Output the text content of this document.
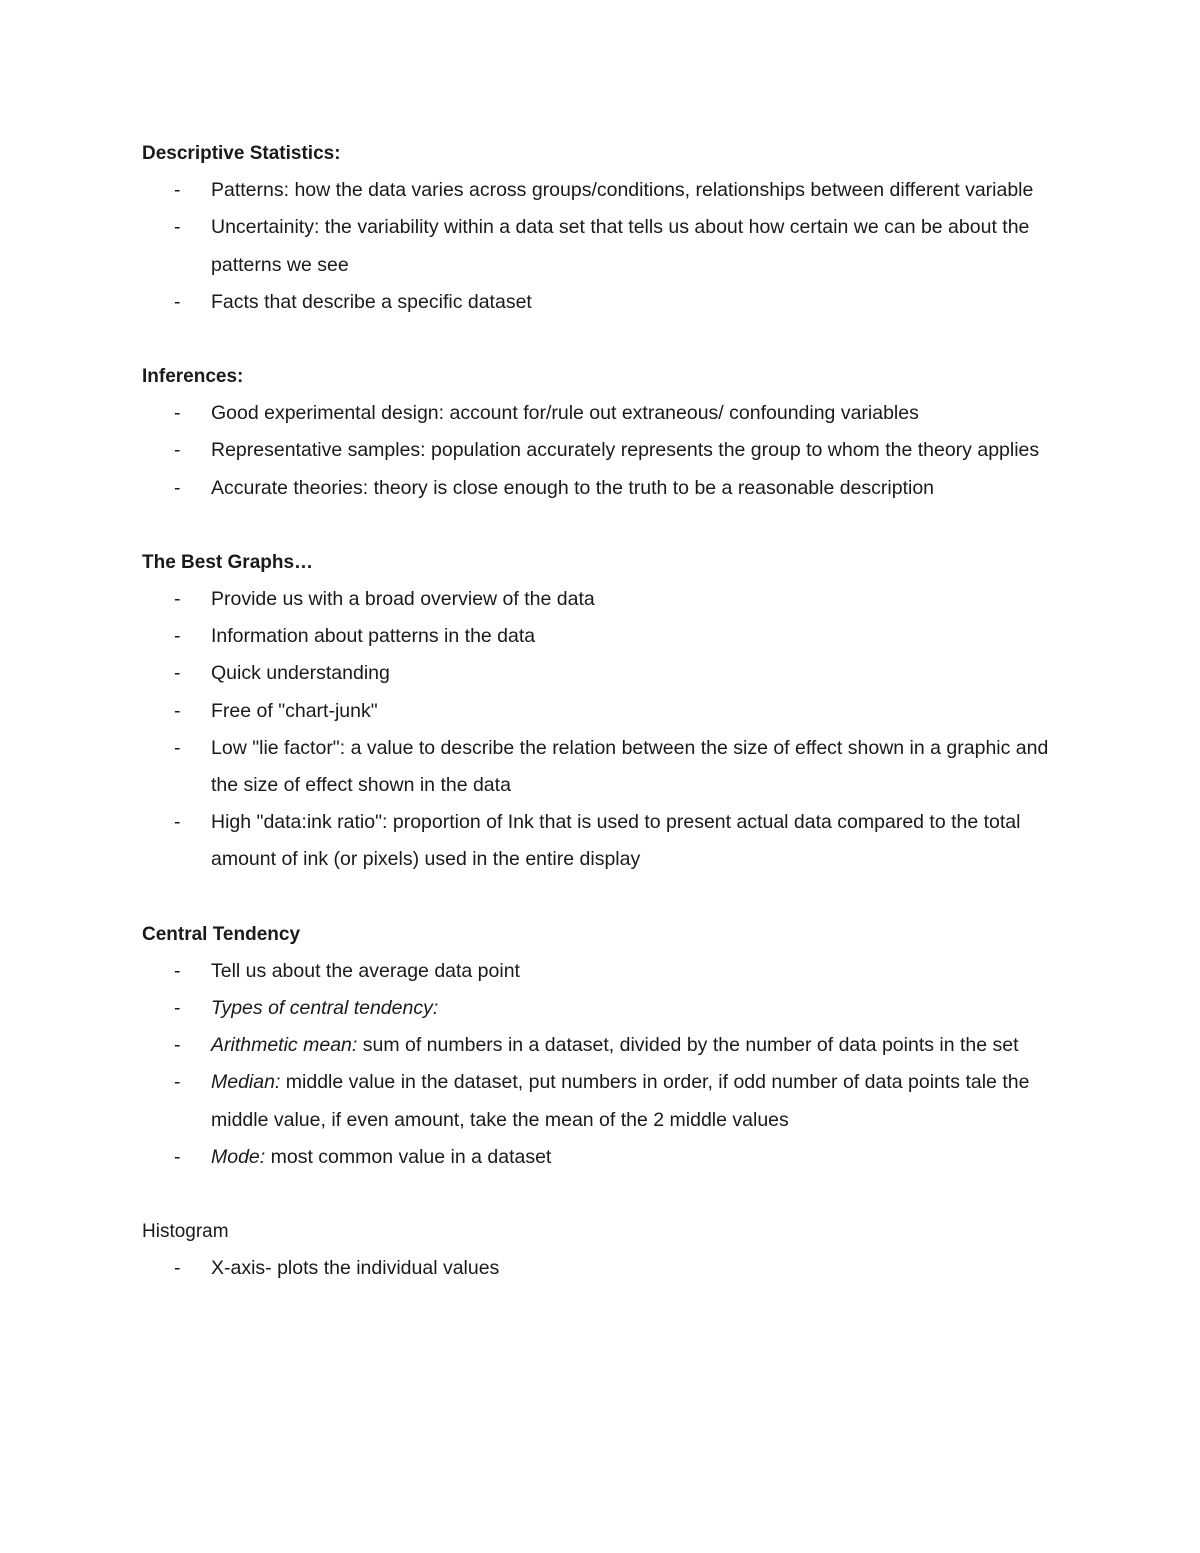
Descriptive Statistics:

- Patterns: how the data varies across groups/conditions, relationships between different variable
- Uncertainity: the variability within a data set that tells us about how certain we can be about the patterns we see
- Facts that describe a specific dataset

Inferences:

- Good experimental design: account for/rule out extraneous/ confounding variables
- Representative samples: population accurately represents the group to whom the theory applies
- Accurate theories: theory is close enough to the truth to be a reasonable description

The Best Graphs…

- Provide us with a broad overview of the data
- Information about patterns in the data
- Quick understanding
- Free of "chart-junk"
- Low "lie factor": a value to describe the relation between the size of effect shown in a graphic and the size of effect shown in the data
- High "data:ink ratio": proportion of Ink that is used to present actual data compared to the total amount of ink (or pixels) used in the entire display

Central Tendency

- Tell us about the average data point
- Types of central tendency:
- Arithmetic mean: sum of numbers in a dataset, divided by the number of data points in the set
- Median: middle value in the dataset, put numbers in order, if odd number of data points tale the middle value, if even amount, take the mean of the 2 middle values
- Mode: most common value in a dataset

Histogram

- X-axis- plots the individual values
